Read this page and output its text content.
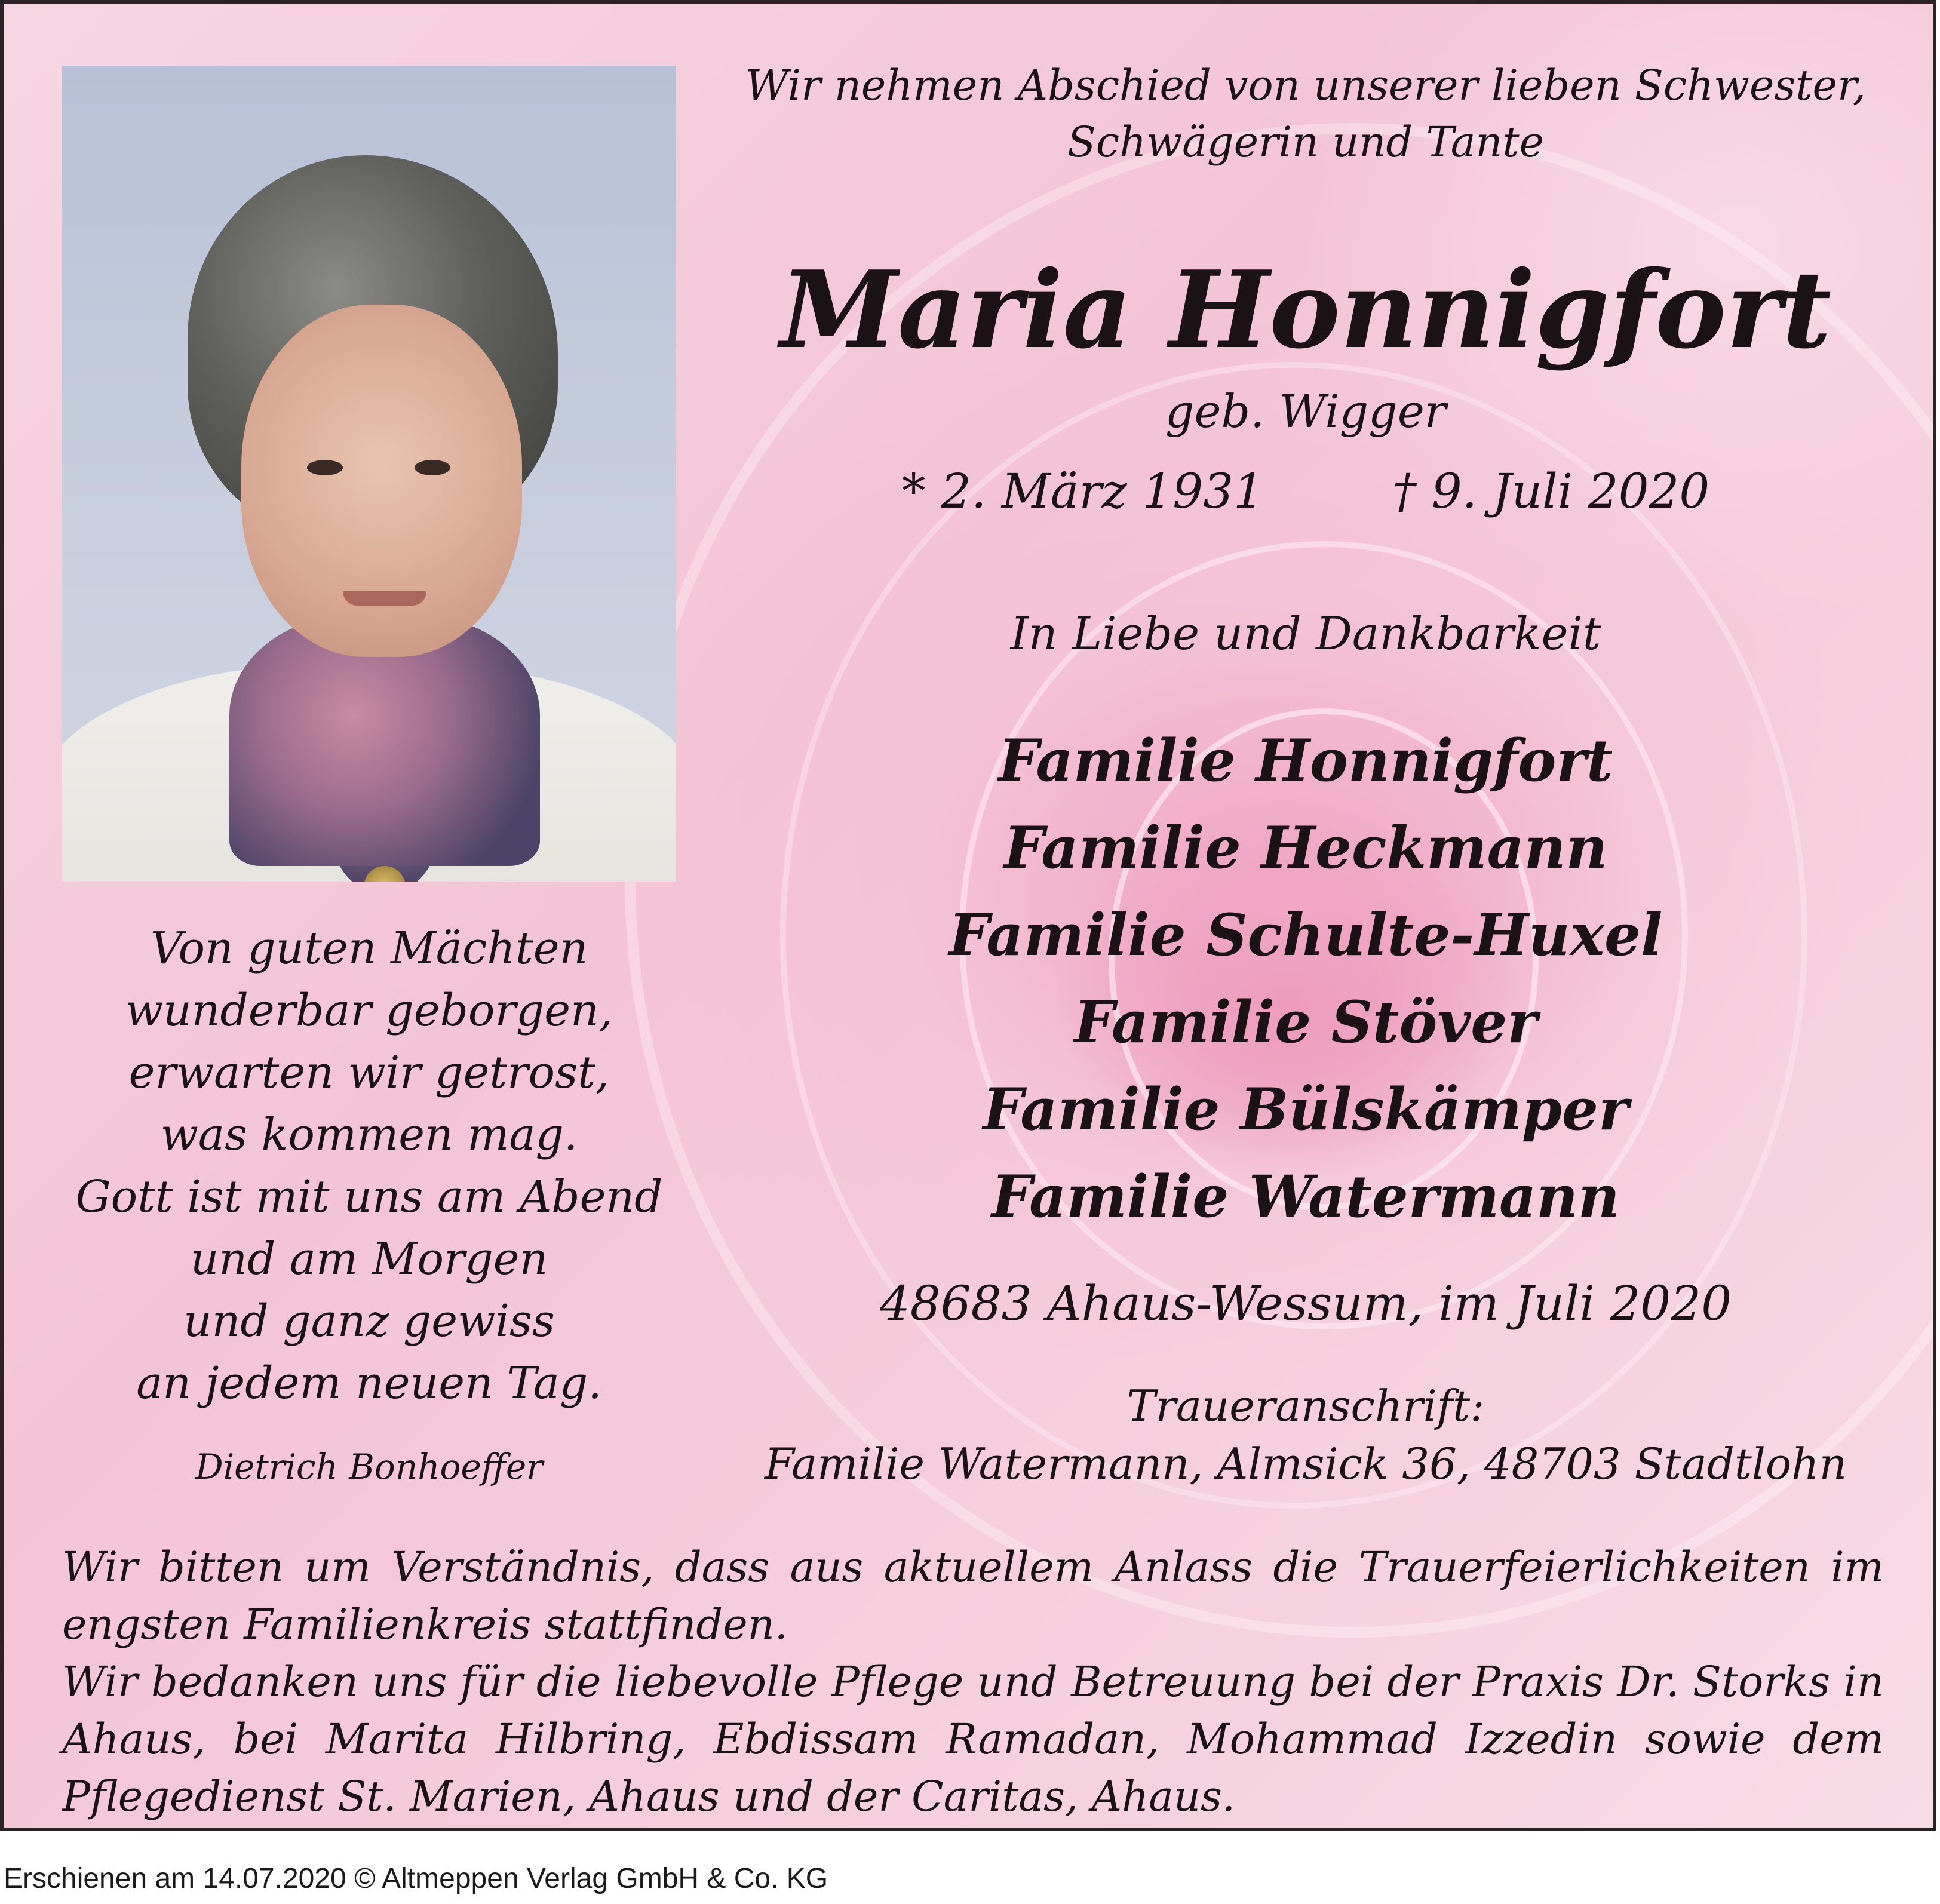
Wir nehmen Abschied von unserer lieben Schwester,
Schwägerin und Tante
Maria Honnigfort
geb. Wigger
* 2. März 1931	† 9. Juli 2020
In Liebe und Dankbarkeit
Familie Honnigfort
Familie Heckmann
Familie Schulte-Huxel
Familie Stöver
Familie Bülskämper
Familie Watermann
48683 Ahaus-Wessum, im Juli 2020
Traueranschrift:
Familie Watermann, Almsick 36, 48703 Stadtlohn
Von guten Mächten
wunderbar geborgen,
erwarten wir getrost,
was kommen mag.
Gott ist mit uns am Abend
und am Morgen
und ganz gewiss
an jedem neuen Tag.
Dietrich Bonhoeffer

Wir bitten um Verständnis, dass aus aktuellem Anlass die Trauerfeierlichkeiten im engsten Familienkreis stattfinden.

Wir bedanken uns für die liebevolle Pflege und Betreuung bei der Praxis Dr. Storks in Ahaus, bei Marita Hilbring, Ebdissam Ramadan, Mohammad Izzedin sowie dem Pflegedienst St. Marien, Ahaus und der Caritas, Ahaus.

Erschienen am 14.07.2020 © Altmeppen Verlag GmbH & Co. KG
